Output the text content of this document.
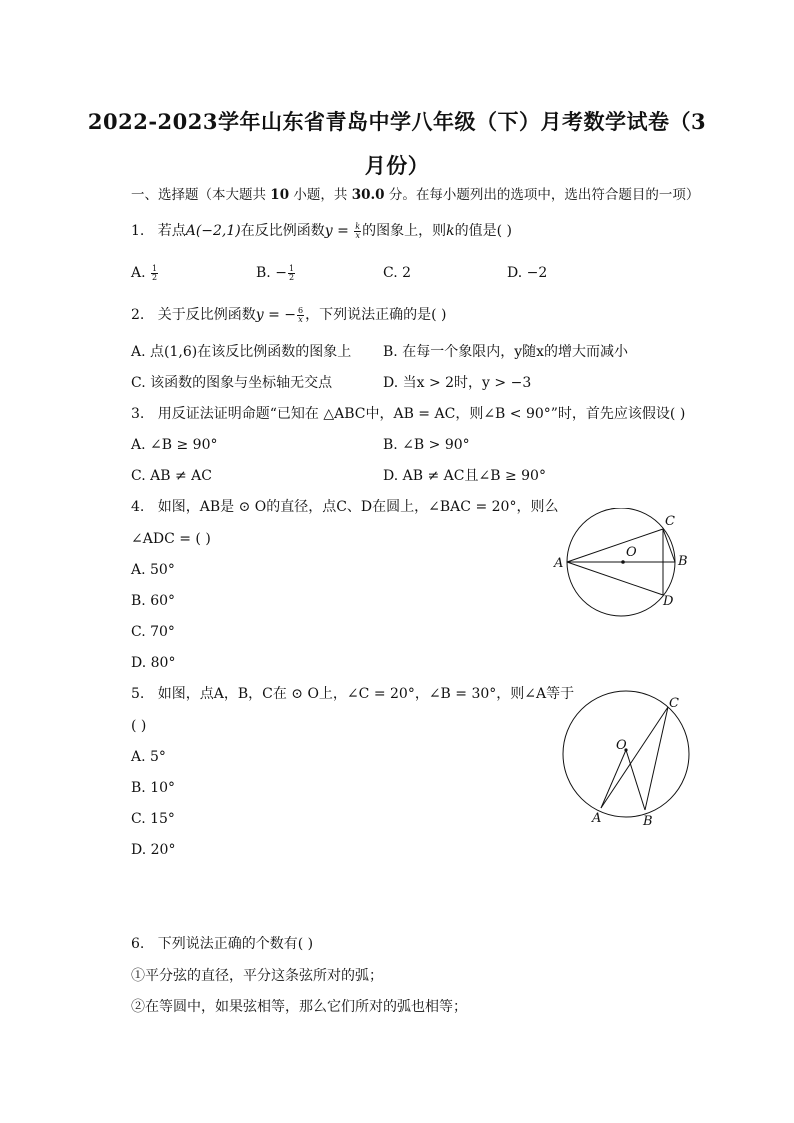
2022-2023学年山东省青岛中学八年级（下）月考数学试卷（3
月份）
一、选择题（本大题共 10 小题，共 30.0 分。在每小题列出的选项中，选出符合题目的一项）
1. 若点A(−2,1)在反比例函数$y = \frac{k}{x}$ 的图象上，则k的值是( )
A. $\frac{1}{2}$	B. − $\frac{1}{2}$	C. 2	D. −2
2. 关于反比例函数y = − $\frac{6}{x}$ ，下列说法正确的是( )
A. 点(1,6)在该反比例函数的图象上 B. 在每一个象限内，y随x的增大而减小
C. 该函数的图象与坐标轴无交点	D. 当x > 2时，y > −3
3. 用反证法证明命题“已知在 △ABC中，AB = AC，则∠B < 90°”时，首先应该假设( )
A. ∠B ≥ 90°	B. ∠B > 90°
C. AB ≠ AC	D. AB ≠ AC且∠B ≥ 90°
4. 如图，AB是 ⊙ O的直径，点C、D在圆上，∠BAC = 20°，则么
∠ADC = ( )
A. 50°
B. 60°
C. 70°
D. 80°
A	B
C
D
O
5. 如图，点A，B，C在 ⊙ O上，∠C = 20°，∠B = 30°，则∠A等于
( )
A. 5°
B. 10°
C. 15°
D. 20°
A	B
C
O
6. 下列说法正确的个数有( )
①平分弦的直径，平分这条弦所对的弧；
②在等圆中，如果弦相等，那么它们所对的弧也相等；
